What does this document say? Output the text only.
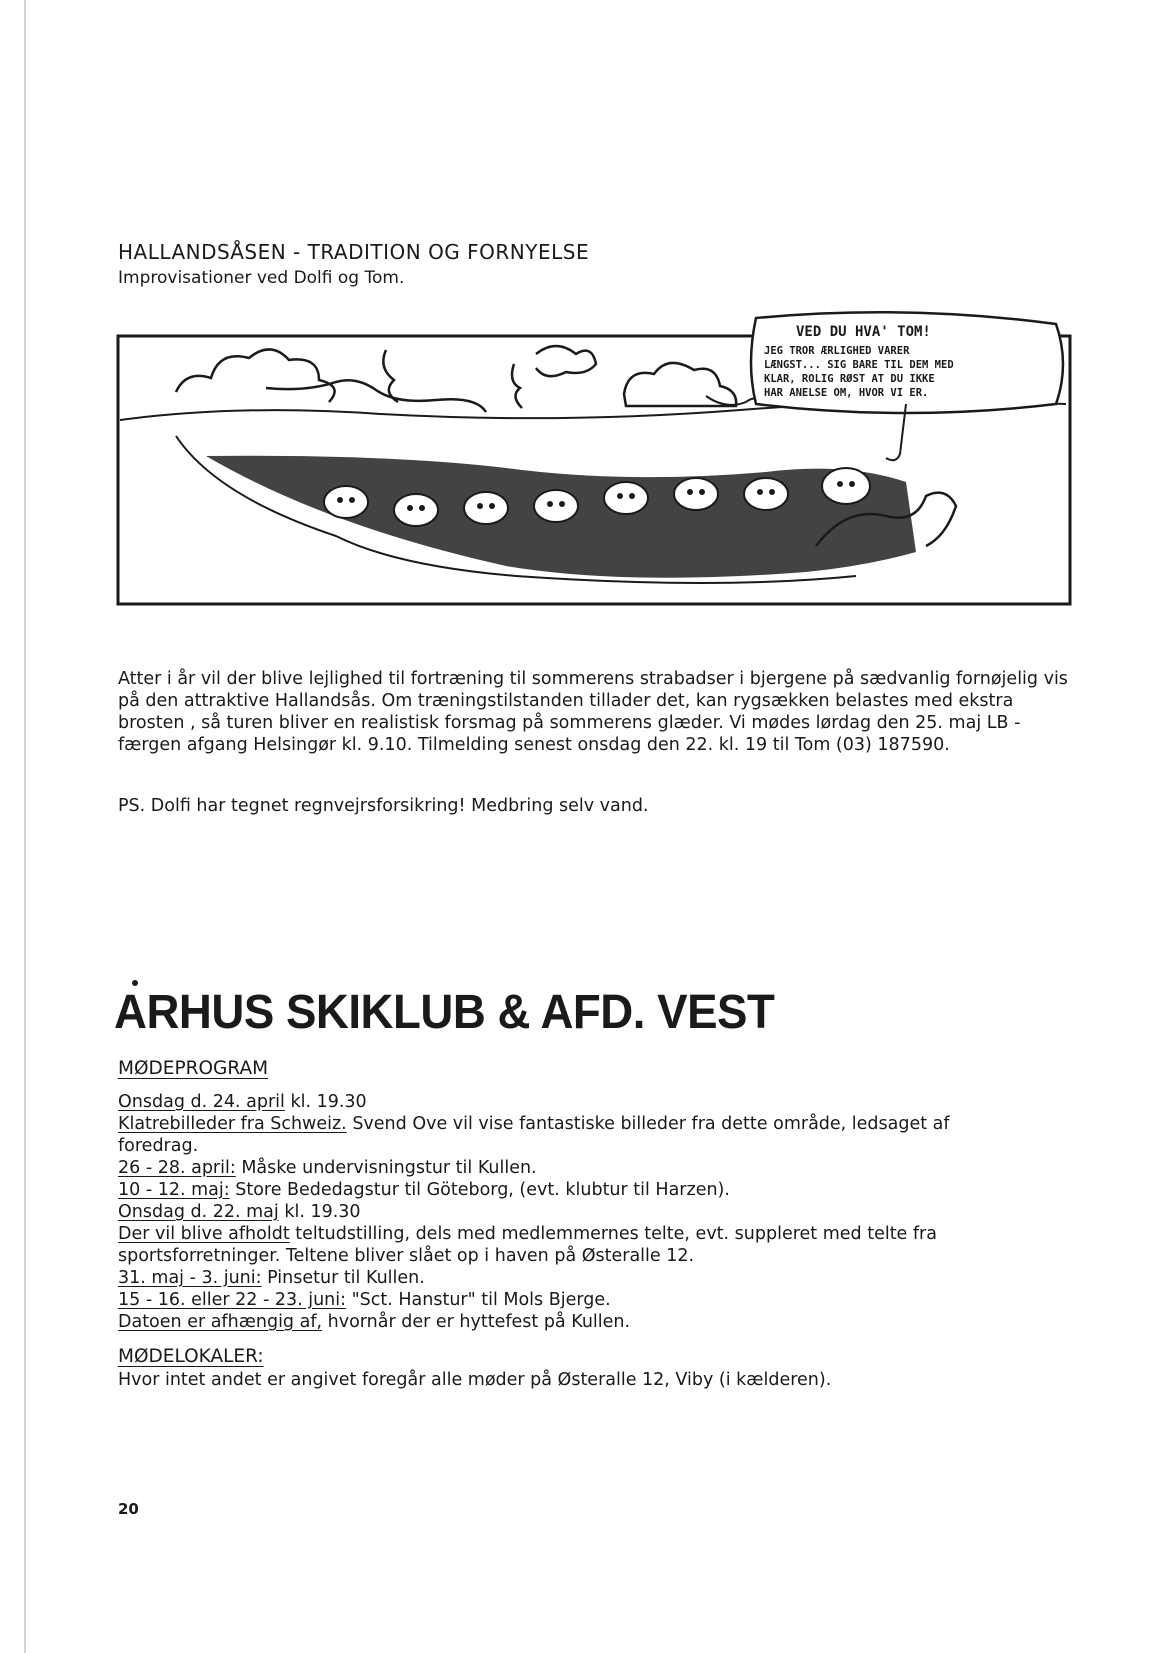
HALLANDSÅSEN - TRADITION OG FORNYELSE
Improvisationer ved Dolfi og Tom.
VED DU HVA' TOM!
JEG TROR ÆRLIGHED VARER
LÆNGST... SIG BARE TIL DEM MED
KLAR, ROLIG RØST AT DU IKKE
HAR ANELSE OM, HVOR VI ER.
Atter i år vil der blive lejlighed til fortræning til sommerens strabadser i bjergene på sædvanlig fornøjelig vis på den attraktive Hallandsås. Om træningstilstanden tillader det, kan rygsækken belastes med ekstra brosten , så turen bliver en realistisk forsmag på sommerens glæder. Vi mødes lørdag den 25. maj LB - færgen afgang Helsingør kl. 9.10. Tilmelding senest onsdag den 22. kl. 19 til Tom (03) 187590.
PS. Dolfi har tegnet regnvejrsforsikring! Medbring selv vand.
ARHUS SKIKLUB & AFD. VEST
MØDEPROGRAM
Onsdag d. 24. april kl. 19.30
Klatrebilleder fra Schweiz. Svend Ove vil vise fantastiske billeder fra dette område, ledsaget af
foredrag.
26 - 28. april: Måske undervisningstur til Kullen.
10 - 12. maj: Store Bededagstur til Göteborg, (evt. klubtur til Harzen).
Onsdag d. 22. maj kl. 19.30
Der vil blive afholdt teltudstilling, dels med medlemmernes telte, evt. suppleret med telte fra
sportsforretninger. Teltene bliver slået op i haven på Østeralle 12.
31. maj - 3. juni: Pinsetur til Kullen.
15 - 16. eller 22 - 23. juni: "Sct. Hanstur" til Mols Bjerge.
Datoen er afhængig af, hvornår der er hyttefest på Kullen.
MØDELOKALER:
Hvor intet andet er angivet foregår alle møder på Østeralle 12, Viby (i kælderen).
20
